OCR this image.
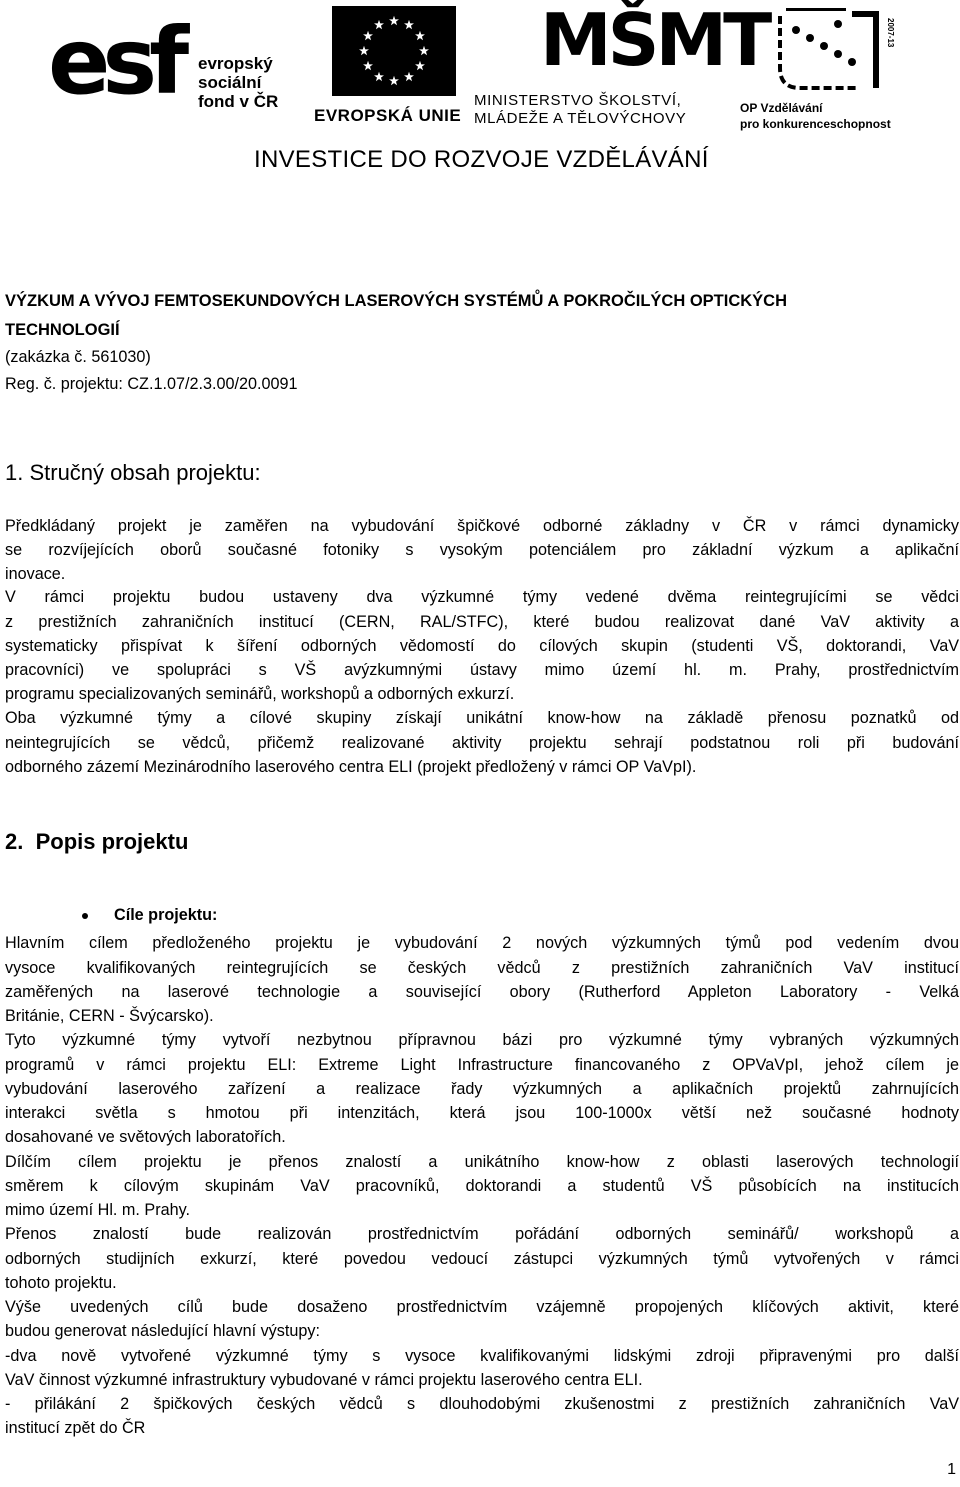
esf evropský
sociální
fond v ČR
EVROPSKÁ UNIE
MŠMT
MINISTERSTVO ŠKOLSTVÍ,
MLÁDEŽE A TĚLOVÝCHOVY
2007-13
OP Vzdělávání
pro konkurenceschopnost
INVESTICE DO ROZVOJE VZDĚLÁVÁNÍ
VÝZKUM A VÝVOJ FEMTOSEKUNDOVÝCH LASEROVÝCH SYSTÉMŮ A POKROČILÝCH OPTICKÝCH
TECHNOLOGIÍ
(zakázka č. 561030)
Reg. č. projektu: CZ.1.07/2.3.00/20.0091
1. Stručný obsah projektu:
Předkládaný projekt je zaměřen na vybudování špičkové odborné základny v ČR v rámci dynamicky
se rozvíjejících oborů současné fotoniky s vysokým potenciálem pro základní výzkum a aplikační
inovace.
V rámci projektu budou ustaveny dva výzkumné týmy vedené dvěma reintegrujícími se vědci
z prestižních zahraničních institucí (CERN, RAL/STFC), které budou realizovat dané VaV aktivity a
systematicky přispívat k šíření odborných vědomostí do cílových skupin (studenti VŠ, doktorandi, VaV
pracovníci) ve spolupráci s VŠ avýzkumnými ústavy mimo území hl. m. Prahy, prostřednictvím
programu specializovaných seminářů, workshopů a odborných exkurzí.
Oba výzkumné týmy a cílové skupiny získají unikátní know-how na základě přenosu poznatků od
neintegrujících se vědců, přičemž realizované aktivity projektu sehrají podstatnou roli při budování
odborného zázemí Mezinárodního laserového centra ELI (projekt předložený v rámci OP VaVpI).
2. Popis projektu
Cíle projektu:
Hlavním cílem předloženého projektu je vybudování 2 nových výzkumných týmů pod vedením dvou
vysoce kvalifikovaných reintegrujících se českých vědců z prestižních zahraničních VaV institucí
zaměřených na laserové technologie a související obory (Rutherford Appleton Laboratory - Velká
Británie, CERN - Švýcarsko).
Tyto výzkumné týmy vytvoří nezbytnou přípravnou bázi pro výzkumné týmy vybraných výzkumných
programů v rámci projektu ELI: Extreme Light Infrastructure financovaného z OPVaVpI, jehož cílem je
vybudování laserového zařízení a realizace řady výzkumných a aplikačních projektů zahrnujících
interakci světla s hmotou při intenzitách, která jsou 100-1000x větší než současné hodnoty
dosahované ve světových laboratořích.
Dílčím cílem projektu je přenos znalostí a unikátního know-how z oblasti laserových technologií
směrem k cílovým skupinám VaV pracovníků, doktorandi a studentů VŠ působících na institucích
mimo území Hl. m. Prahy.
Přenos znalostí bude realizován prostřednictvím pořádání odborných seminářů/ workshopů a
odborných studijních exkurzí, které povedou vedoucí zástupci výzkumných týmů vytvořených v rámci
tohoto projektu.
Výše uvedených cílů bude dosaženo prostřednictvím vzájemně propojených klíčových aktivit, které
budou generovat následující hlavní výstupy:
-dva nově vytvořené výzkumné týmy s vysoce kvalifikovanými lidskými zdroji připravenými pro další
VaV činnost výzkumné infrastruktury vybudované v rámci projektu laserového centra ELI.
- přilákání 2 špičkových českých vědců s dlouhodobými zkušenostmi z prestižních zahraničních VaV
institucí zpět do ČR
1
